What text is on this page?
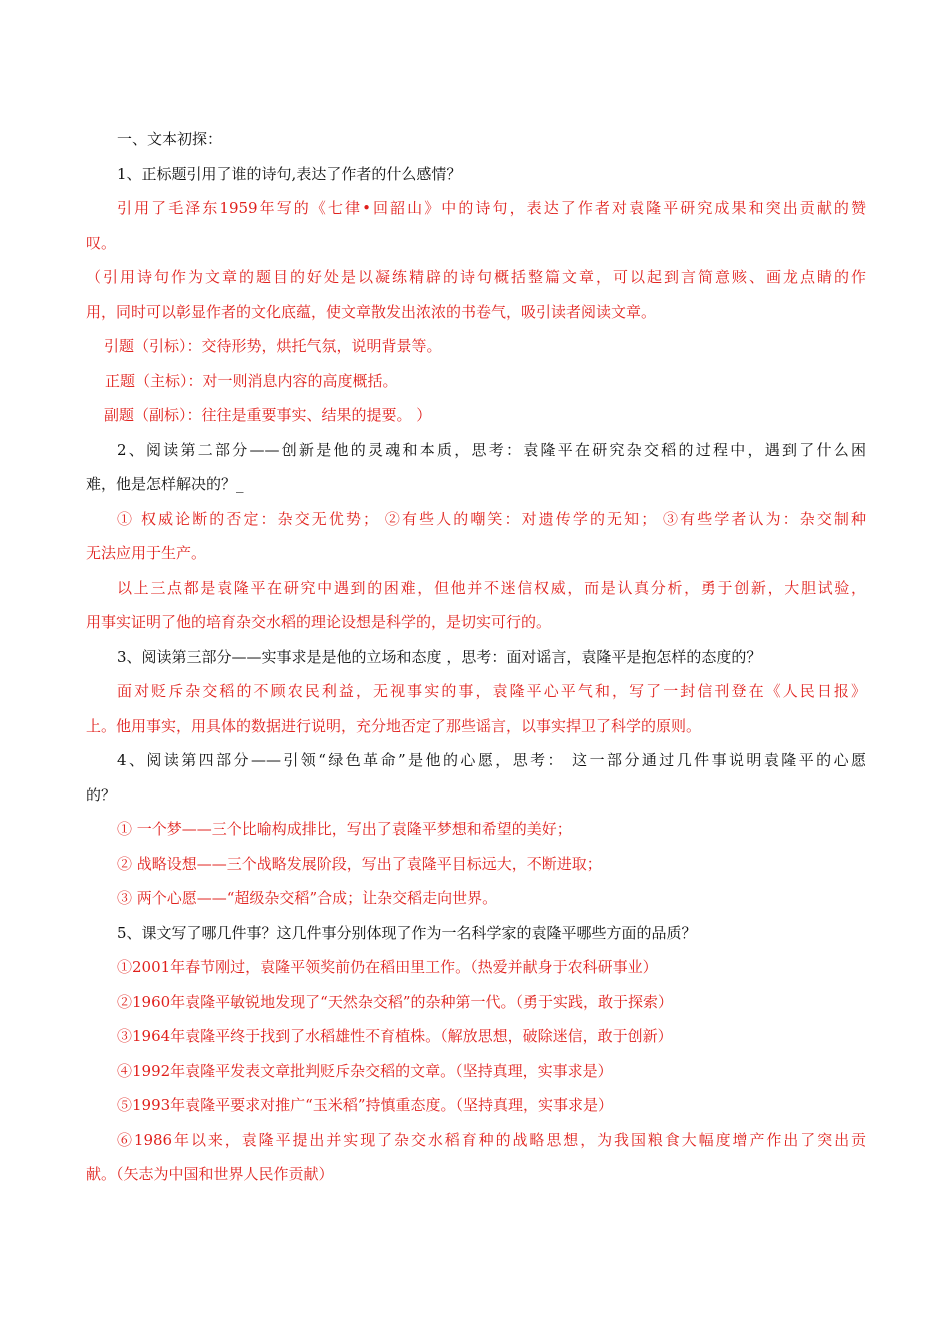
一、文本初探：
1、正标题引用了谁的诗句,表达了作者的什么感情？
引用了毛泽东1959年写的《七律•回韶山》中的诗句，表达了作者对袁隆平研究成果和突出贡献的赞
叹。
（引用诗句作为文章的题目的好处是以凝练精辟的诗句概括整篇文章，可以起到言简意赅、画龙点睛的作
用，同时可以彰显作者的文化底蕴，使文章散发出浓浓的书卷气，吸引读者阅读文章。
引题（引标）：交待形势，烘托气氛，说明背景等。
正题（主标）：对一则消息内容的高度概括。
副题（副标）：往往是重要事实、结果的提要。 ）
2、阅读第二部分——创新是他的灵魂和本质，思考：袁隆平在研究杂交稻的过程中，遇到了什么困
难，他是怎样解决的？_
① 权威论断的否定：杂交无优势； ②有些人的嘲笑：对遗传学的无知； ③有些学者认为：杂交制种
无法应用于生产。
以上三点都是袁隆平在研究中遇到的困难，但他并不迷信权威，而是认真分析，勇于创新，大胆试验，
用事实证明了他的培育杂交水稻的理论设想是科学的，是切实可行的。
3、阅读第三部分——实事求是是他的立场和态度 ，思考：面对谣言，袁隆平是抱怎样的态度的？
面对贬斥杂交稻的不顾农民利益，无视事实的事，袁隆平心平气和，写了一封信刊登在《人民日报》
上。他用事实，用具体的数据进行说明，充分地否定了那些谣言，以事实捍卫了科学的原则。
4、阅读第四部分——引领“绿色革命”是他的心愿，思考： 这一部分通过几件事说明袁隆平的心愿
的？
① 一个梦——三个比喻构成排比，写出了袁隆平梦想和希望的美好；
② 战略设想——三个战略发展阶段，写出了袁隆平目标远大，不断进取；
③ 两个心愿——“超级杂交稻”合成；让杂交稻走向世界。
5、课文写了哪几件事？这几件事分别体现了作为一名科学家的袁隆平哪些方面的品质？
①2001年春节刚过，袁隆平领奖前仍在稻田里工作。（热爱并献身于农科研事业）
②1960年袁隆平敏锐地发现了“天然杂交稻”的杂种第一代。（勇于实践，敢于探索）
③1964年袁隆平终于找到了水稻雄性不育植株。（解放思想，破除迷信，敢于创新）
④1992年袁隆平发表文章批判贬斥杂交稻的文章。（坚持真理，实事求是）
⑤1993年袁隆平要求对推广“玉米稻”持慎重态度。（坚持真理，实事求是）
⑥1986年以来，袁隆平提出并实现了杂交水稻育种的战略思想，为我国粮食大幅度增产作出了突出贡
献。（矢志为中国和世界人民作贡献）
